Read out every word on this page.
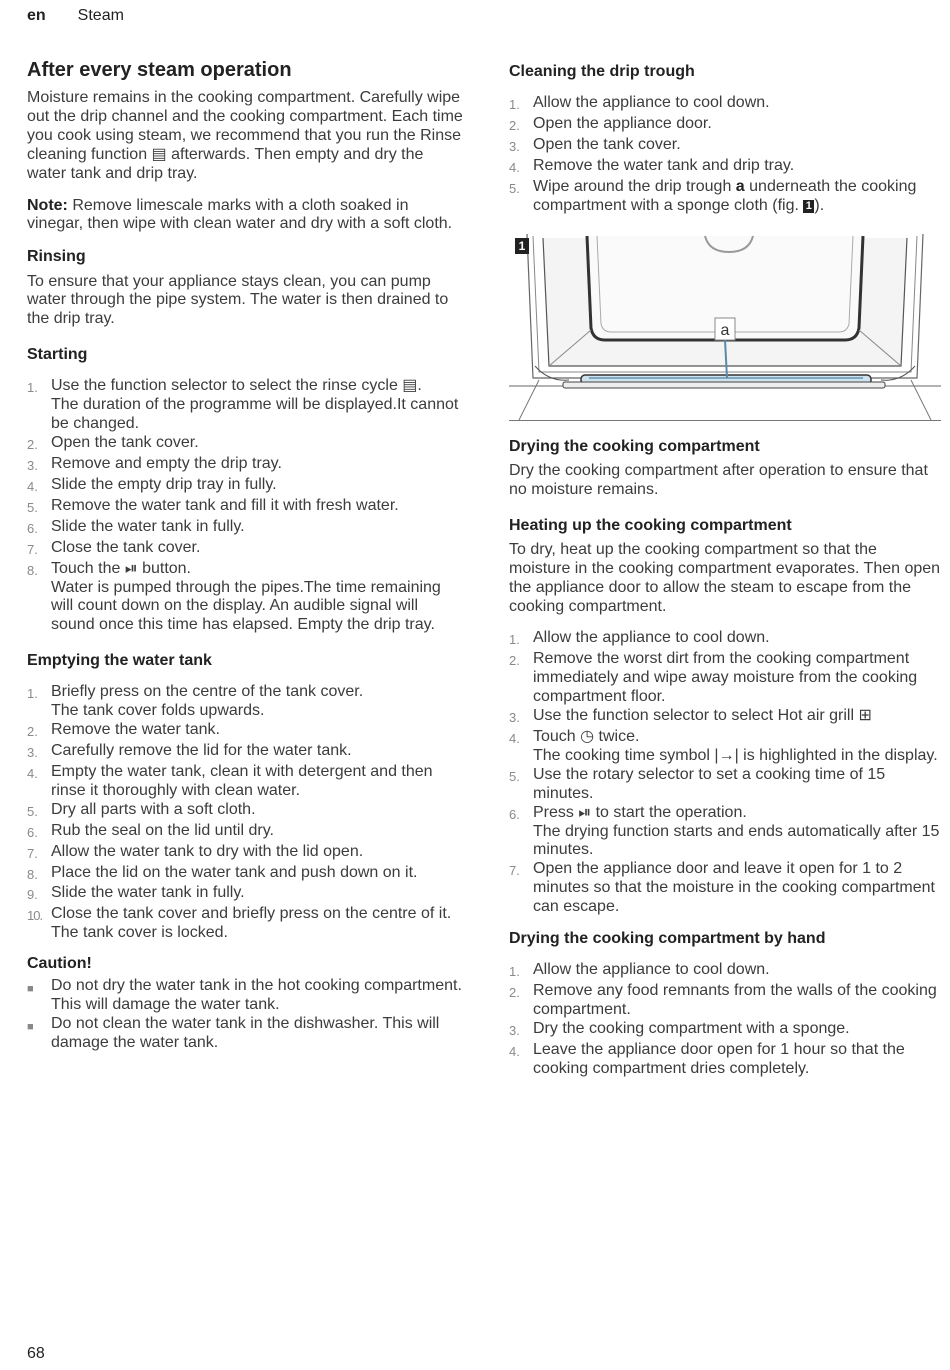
en Steam
After every steam operation

Moisture remains in the cooking compartment. Carefully wipe out the drip channel and the cooking compartment. Each time you cook using steam, we recommend that you run the Rinse cleaning function ▤ afterwards. Then empty and dry the water tank and drip tray.

Note: Remove limescale marks with a cloth soaked in vinegar, then wipe with clean water and dry with a soft cloth.

Rinsing

To ensure that your appliance stays clean, you can pump water through the pipe system. The water is then drained to the drip tray.

Starting
1. Use the function selector to select the rinse cycle ▤.
The duration of the programme will be displayed.It cannot be changed.
2. Open the tank cover.
3. Remove and empty the drip tray.
4. Slide the empty drip tray in fully.
5. Remove the water tank and fill it with fresh water.
6. Slide the water tank in fully.
7. Close the tank cover.
8. Touch the ⏯ button.
Water is pumped through the pipes.The time remaining will count down on the display. An audible signal will sound once this time has elapsed. Empty the drip tray.
Emptying the water tank
1. Briefly press on the centre of the tank cover.
The tank cover folds upwards.
2. Remove the water tank.
3. Carefully remove the lid for the water tank.
4. Empty the water tank, clean it with detergent and then rinse it thoroughly with clean water.
5. Dry all parts with a soft cloth.
6. Rub the seal on the lid until dry.
7. Allow the water tank to dry with the lid open.
8. Place the lid on the water tank and push down on it.
9. Slide the water tank in fully.
10. Close the tank cover and briefly press on the centre of it.
The tank cover is locked.
Caution!
■	Do not dry the water tank in the hot cooking compartment. This will damage the water tank.
■	Do not clean the water tank in the dishwasher. This will damage the water tank.
Cleaning the drip trough
1. Allow the appliance to cool down.
2. Open the appliance door.
3. Open the tank cover.
4. Remove the water tank and drip tray.
5. Wipe around the drip trough a underneath the cooking compartment with a sponge cloth (fig. 1 ).
a
1
Drying the cooking compartment

Dry the cooking compartment after operation to ensure that no moisture remains.

Heating up the cooking compartment

To dry, heat up the cooking compartment so that the moisture in the cooking compartment evaporates. Then open the appliance door to allow the steam to escape from the cooking compartment.

1. Allow the appliance to cool down.
2. Remove the worst dirt from the cooking compartment immediately and wipe away moisture from the cooking compartment floor.
3. Use the function selector to select Hot air grill ⊞
4. Touch ◷ twice.
The cooking time symbol |→| is highlighted in the display.
5. Use the rotary selector to set a cooking time of 15 minutes.
6. Press ⏯ to start the operation.
The drying function starts and ends automatically after 15 minutes.
7. Open the appliance door and leave it open for 1 to 2 minutes so that the moisture in the cooking compartment can escape.
Drying the cooking compartment by hand
1. Allow the appliance to cool down.
2. Remove any food remnants from the walls of the cooking compartment.
3. Dry the cooking compartment with a sponge.
4. Leave the appliance door open for 1 hour so that the cooking compartment dries completely.
68
